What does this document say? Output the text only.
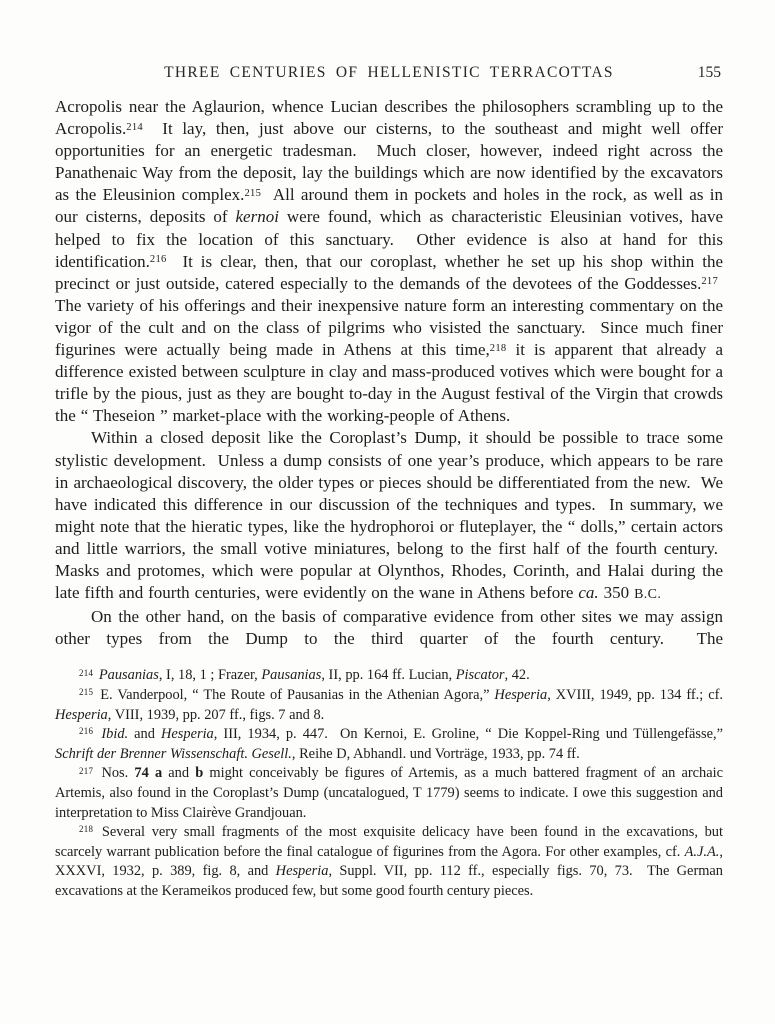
THREE CENTURIES OF HELLENISTIC TERRACOTTAS	155

Acropolis near the Aglaurion, whence Lucian describes the philosophers scrambling up to the Acropolis.$^{214}$  It lay, then, just above our cisterns, to the southeast and might well offer opportunities for an energetic tradesman.  Much closer, however, indeed right across the Panathenaic Way from the deposit, lay the buildings which are now identified by the excavators as the Eleusinion complex.$^{215}$  All around them in pockets and holes in the rock, as well as in our cisterns, deposits of kernoi were found, which as characteristic Eleusinian votives, have helped to fix the location of this sanctuary.  Other evidence is also at hand for this identification.$^{216}$  It is clear, then, that our coroplast, whether he set up his shop within the precinct or just outside, catered especially to the demands of the devotees of the Goddesses.$^{217}$  The variety of his offerings and their inexpensive nature form an interesting commentary on the vigor of the cult and on the class of pilgrims who visisted the sanctuary.  Since much finer figurines were actually being made in Athens at this time,$^{218}$ it is apparent that already a difference existed between sculpture in clay and mass-produced votives which were bought for a trifle by the pious, just as they are bought to-day in the August festival of the Virgin that crowds the “ Theseion ” market-place with the working-people of Athens.

Within a closed deposit like the Coroplast’s Dump, it should be possible to trace some stylistic development.  Unless a dump consists of one year’s produce, which appears to be rare in archaeological discovery, the older types or pieces should be differentiated from the new.  We have indicated this difference in our discussion of the techniques and types.  In summary, we might note that the hieratic types, like the hydrophoroi or fluteplayer, the “ dolls,” certain actors and little warriors, the small votive miniatures, belong to the first half of the fourth century.  Masks and protomes, which were popular at Olynthos, Rhodes, Corinth, and Halai during the late fifth and fourth centuries, were evidently on the wane in Athens before ca. 350 B.C.

On the other hand, on the basis of comparative evidence from other sites we may assign other types from the Dump to the third quarter of the fourth century.  The

$^{214}$ Pausanias, I, 18, 1 ; Frazer, Pausanias, II, pp. 164 ff. Lucian, Piscator, 42.

$^{215}$ E. Vanderpool, “ The Route of Pausanias in the Athenian Agora,” Hesperia, XVIII, 1949, pp. 134 ff.; cf. Hesperia, VIII, 1939, pp. 207 ff., figs. 7 and 8.

$^{216}$ Ibid. and Hesperia, III, 1934, p. 447.  On Kernoi, E. Groline, “ Die Koppel-Ring und Tüllengefässe,” Schrift der Brenner Wissenschaft. Gesell., Reihe D, Abhandl. und Vorträge, 1933, pp. 74 ff.

$^{217}$ Nos. 74 a and b might conceivably be figures of Artemis, as a much battered fragment of an archaic Artemis, also found in the Coroplast’s Dump (uncatalogued, T 1779) seems to indicate. I owe this suggestion and interpretation to Miss Clairève Grandjouan.

$^{218}$ Several very small fragments of the most exquisite delicacy have been found in the excavations, but scarcely warrant publication before the final catalogue of figurines from the Agora. For other examples, cf. A.J.A., XXXVI, 1932, p. 389, fig. 8, and Hesperia, Suppl. VII, pp. 112 ff., especially figs. 70, 73.  The German excavations at the Kerameikos produced few, but some good fourth century pieces.
